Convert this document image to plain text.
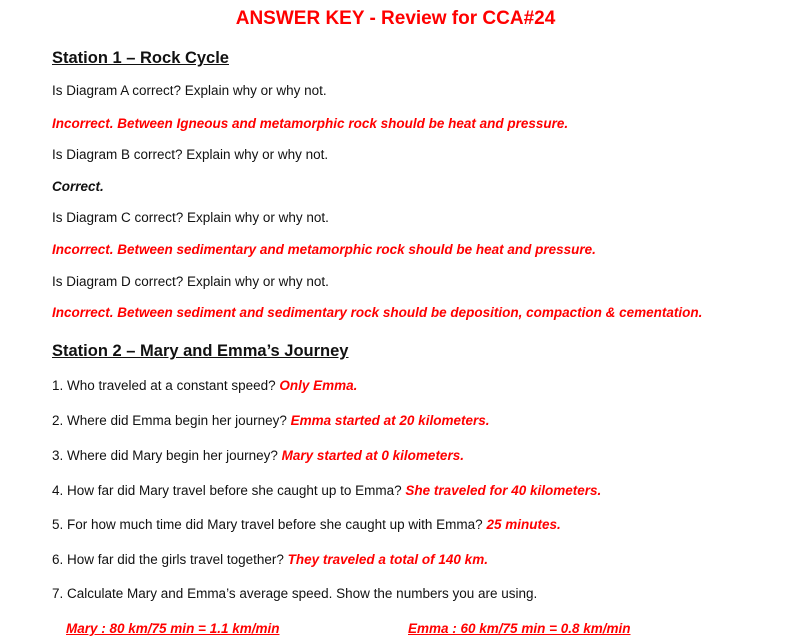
ANSWER KEY - Review for CCA#24
Station 1 – Rock Cycle
Is Diagram A correct? Explain why or why not.
Incorrect. Between Igneous and metamorphic rock should be heat and pressure.
Is Diagram B correct? Explain why or why not.
Correct.
Is Diagram C correct? Explain why or why not.
Incorrect. Between sedimentary and metamorphic rock should be heat and pressure.
Is Diagram D correct? Explain why or why not.
Incorrect. Between sediment and sedimentary rock should be deposition, compaction & cementation.
Station 2 – Mary and Emma’s Journey
1. Who traveled at a constant speed? Only Emma.
2. Where did Emma begin her journey? Emma started at 20 kilometers.
3. Where did Mary begin her journey? Mary started at 0 kilometers.
4. How far did Mary travel before she caught up to Emma? She traveled for 40 kilometers.
5. For how much time did Mary travel before she caught up with Emma? 25 minutes.
6. How far did the girls travel together? They traveled a total of 140 km.
7. Calculate Mary and Emma’s average speed. Show the numbers you are using.
Mary : 80 km/75 min = 1.1 km/min	Emma : 60 km/75 min = 0.8 km/min
